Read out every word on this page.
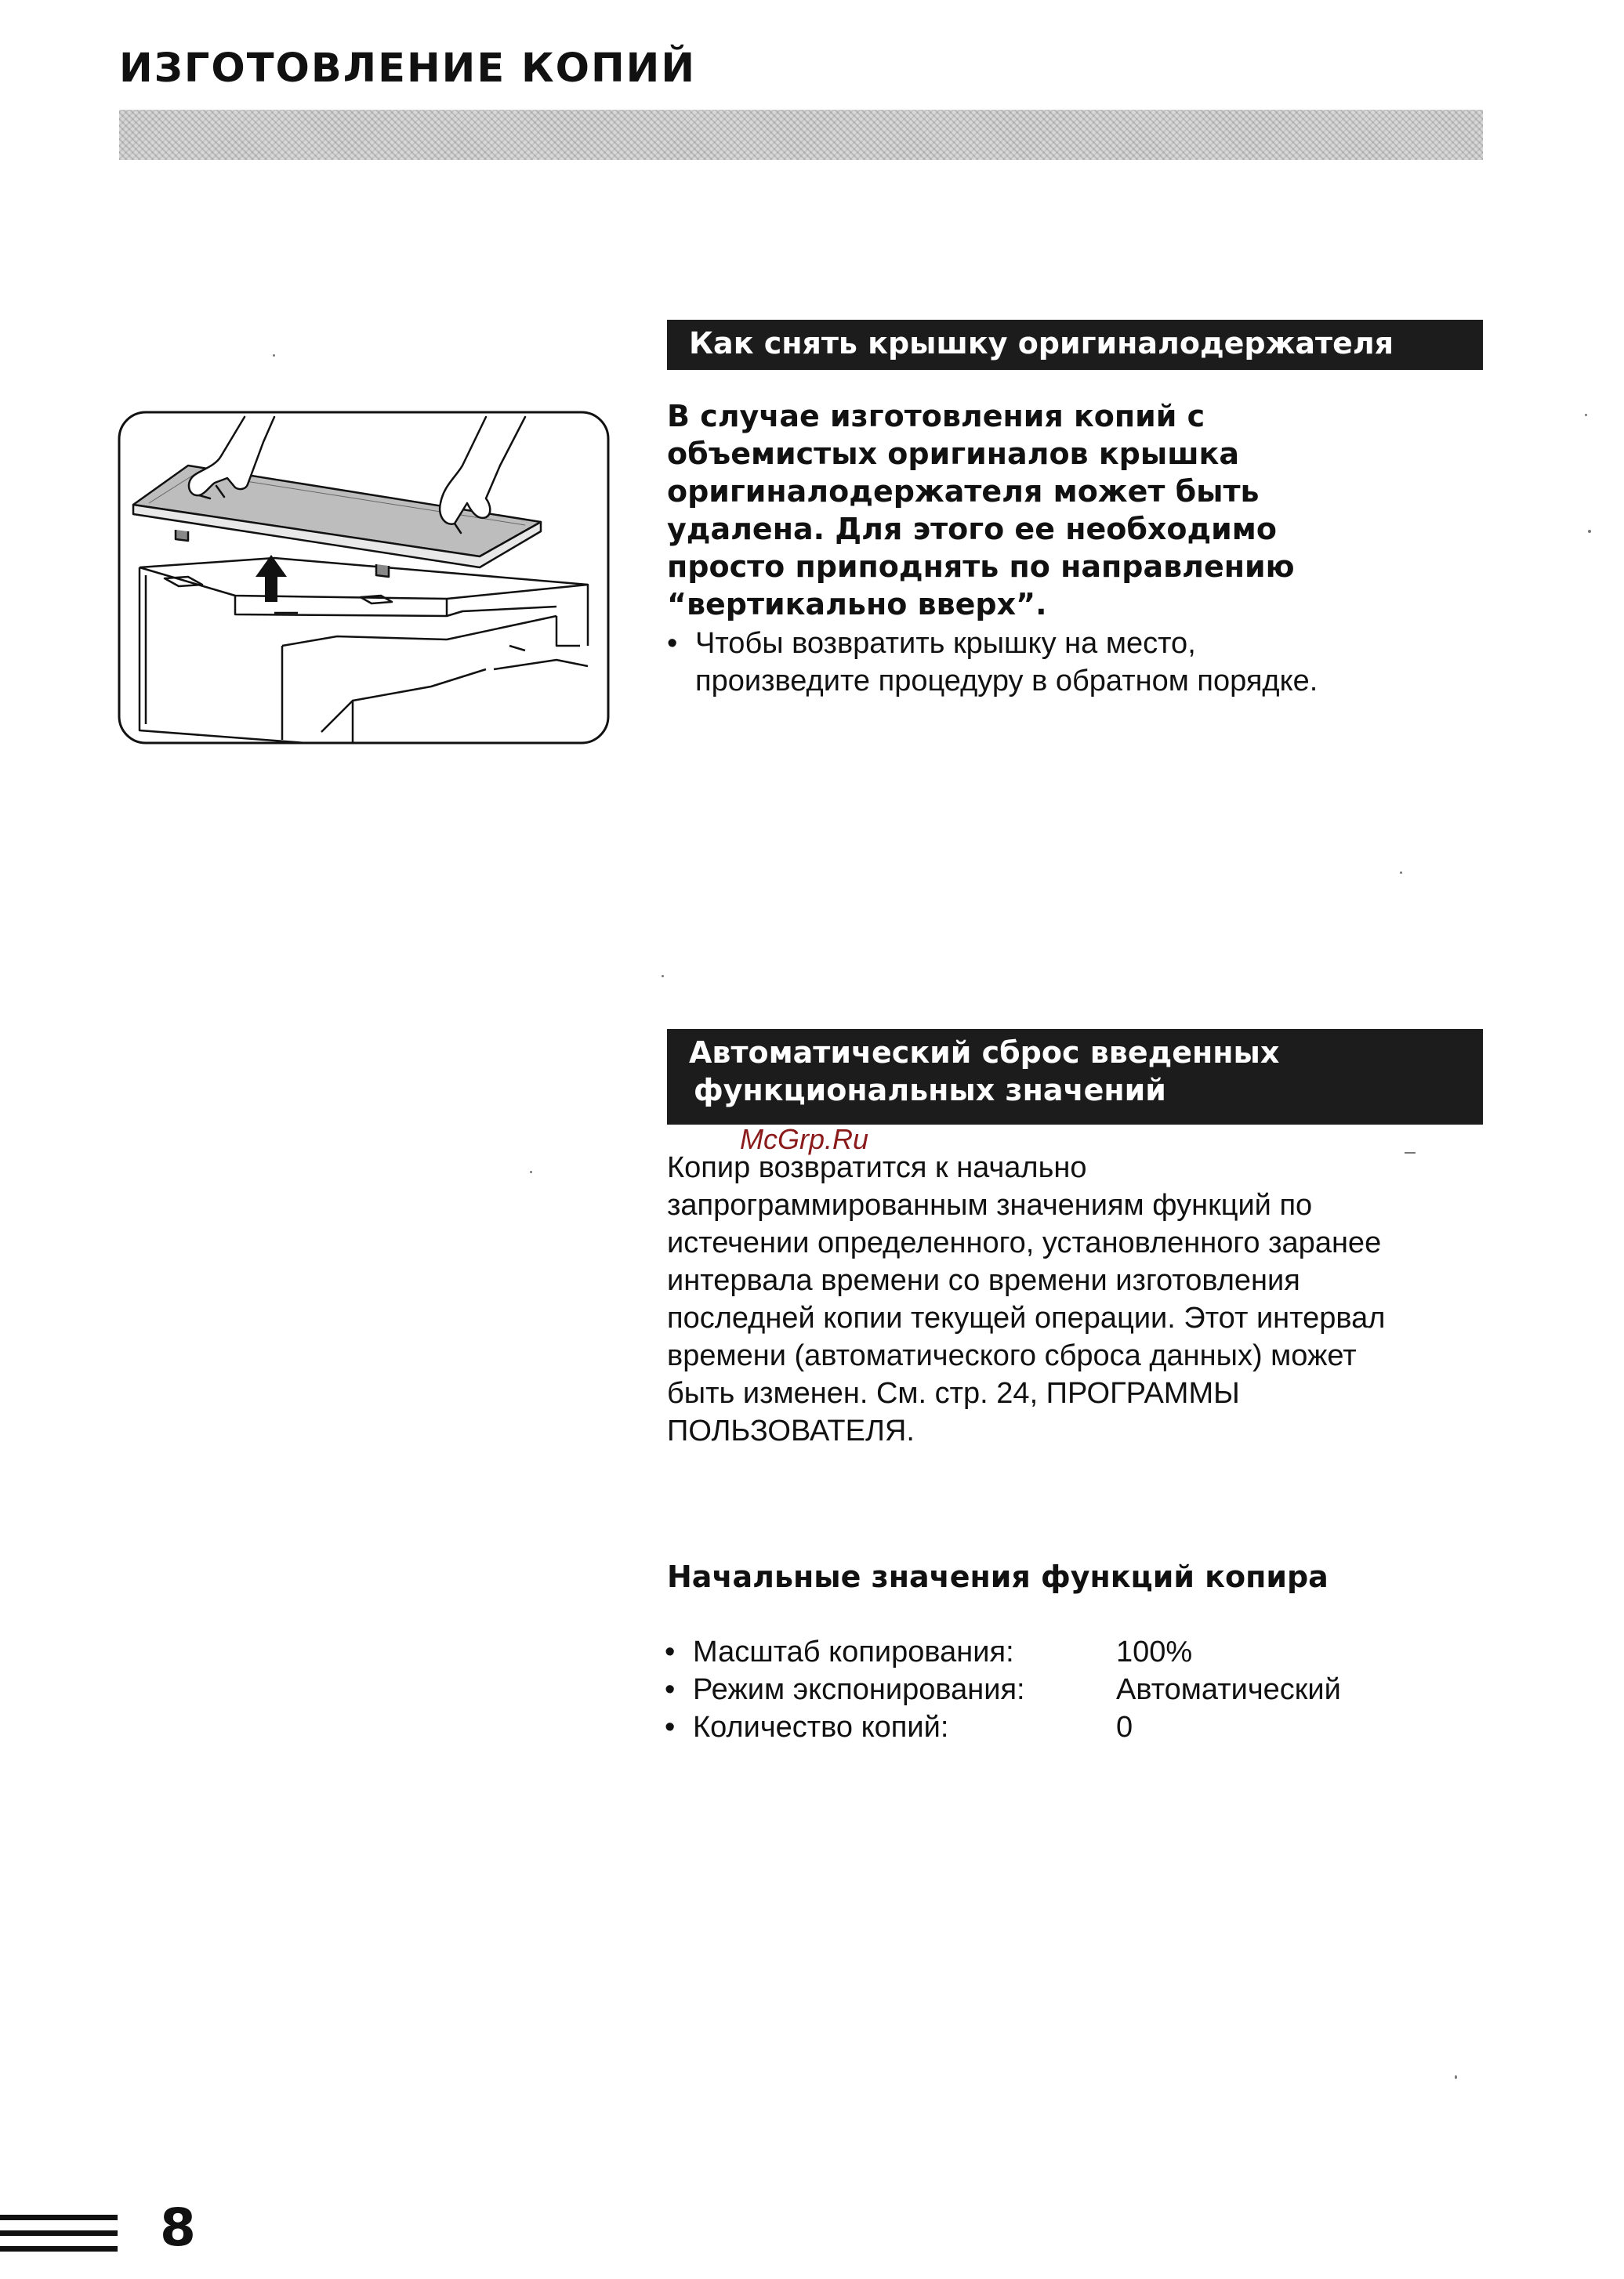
ИЗГОТОВЛЕНИЕ КОПИЙ
Как снять крышку оригиналодержателя

В случае изготовления копий с
объемистых оригиналов крышка
оригиналодержателя может быть
удалена. Для этого ее необходимо
просто приподнять по направлению
“вертикально вверх”.

• Чтобы возвратить крышку на место,
произведите процедуру в обратном порядке.

Автоматический сброс введенных
функциональных значений
McGrp.Ru

Копир возвратится к начально
запрограммированным значениям функций по
истечении определенного, установленного заранее
интервала времени со времени изготовления
последней копии текущей операции. Этот интервал
времени (автоматического сброса данных) может
быть изменен. См. стр. 24, ПРОГРАММЫ
ПОЛЬЗОВАТЕЛЯ.

Начальные значения функций копира
• Масштаб копирования:	100%
• Режим экспонирования:	Автоматический
• Количество копий:	0
8
